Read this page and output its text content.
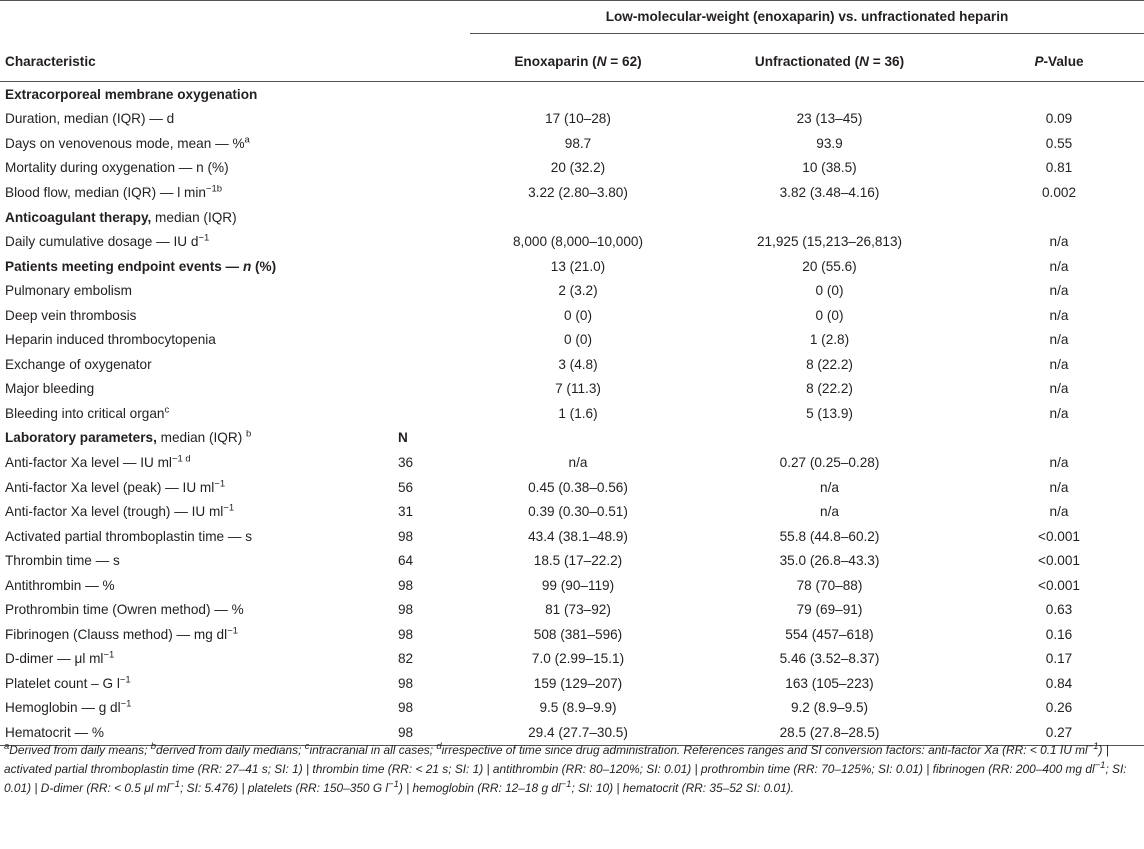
		Low-molecular-weight (enoxaparin) vs. unfractionated heparin		

Characteristic		Enoxaparin (N = 62)	Unfractionated (N = 36)	P-Value
Extracorporeal membrane oxygenation				
Duration, median (IQR) — d		17 (10–28)	23 (13–45)	0.09
Days on venovenous mode, mean — %$^a$		98.7	93.9	0.55
Mortality during oxygenation — n (%)		20 (32.2)	10 (38.5)	0.81
Blood flow, median (IQR) — l $\min^{-1b}$		3.22 (2.80–3.80)	3.82 (3.48–4.16)	0.002
Anticoagulant therapy, median (IQR)				
Daily cumulative dosage — IU $d^{-1}$		8,000 (8,000–10,000)	21,925 (15,213–26,813)	n/a
Patients meeting endpoint events — n (%)		13 (21.0)	20 (55.6)	n/a
Pulmonary embolism		2 (3.2)	0 (0)	n/a
Deep vein thrombosis		0 (0)	0 (0)	n/a
Heparin induced thrombocytopenia		0 (0)	1 (2.8)	n/a
Exchange of oxygenator		3 (4.8)	8 (22.2)	n/a
Major bleeding		7 (11.3)	8 (22.2)	n/a
Bleeding into critical organ$^c$		1 (1.6)	5 (13.9)	n/a
Laboratory parameters, median (IQR) $^b$	N			
Anti-factor Xa level — IU $ml^{-1 d}$	36	n/a	0.27 (0.25–0.28)	n/a
Anti-factor Xa level (peak) — IU $ml^{-1}$	56	0.45 (0.38–0.56)	n/a	n/a
Anti-factor Xa level (trough) — IU $ml^{-1}$	31	0.39 (0.30–0.51)	n/a	n/a
Activated partial thromboplastin time — s	98	43.4 (38.1–48.9)	55.8 (44.8–60.2)	<0.001
Thrombin time — s	64	18.5 (17–22.2)	35.0 (26.8–43.3)	<0.001
Antithrombin — %	98	99 (90–119)	78 (70–88)	<0.001
Prothrombin time (Owren method) — %	98	81 (73–92)	79 (69–91)	0.63
Fibrinogen (Clauss method) — mg $dl^{-1}$	98	508 (381–596)	554 (457–618)	0.16
D-dimer — μl $ml^{-1}$	82	7.0 (2.99–15.1)	5.46 (3.52–8.37)	0.17
Platelet count – G $l^{-1}$	98	159 (129–207)	163 (105–223)	0.84
Hemoglobin — g $dl^{-1}$	98	9.5 (8.9–9.9)	9.2 (8.9–9.5)	0.26
Hematocrit — %	98	29.4 (27.7–30.5)	28.5 (27.8–28.5)	0.27
$^a$Derived from daily means; $^b$derived from daily medians; $^c$intracranial in all cases; $^d$irrespective of time since drug administration. References ranges and SI conversion factors: anti-factor Xa (RR: < 0.1 IU $ml^{-1}$) | activated partial thromboplastin time (RR: 27–41 s; SI: 1) | thrombin time (RR: < 21 s; SI: 1) | antithrombin (RR: 80–120%; SI: 0.01) | prothrombin time (RR: 70–125%; SI: 0.01) | fibrinogen (RR: 200–400 mg $dl^{-1}$; SI: 0.01) | D-dimer (RR: < 0.5 μl $ml^{-1}$; SI: 5.476) | platelets (RR: 150–350 G $l^{-1}$) | hemoglobin (RR: 12–18 g $dl^{-1}$; SI: 10) | hematocrit (RR: 35–52 SI: 0.01).
